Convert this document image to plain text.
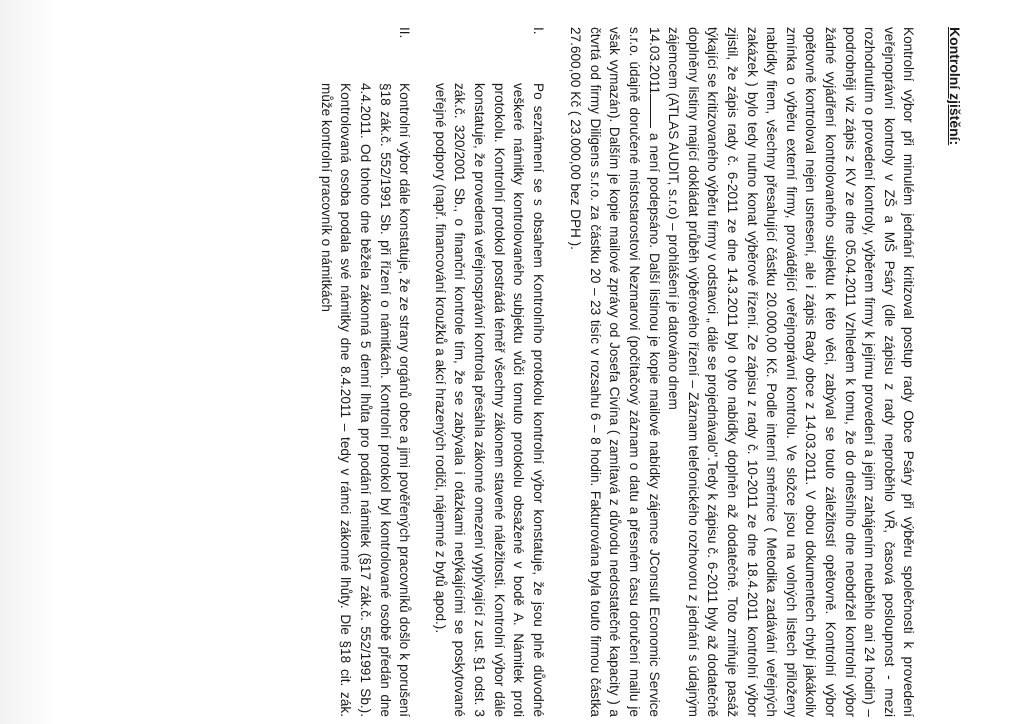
Kontrolní zjištění:
Kontrolní výbor při minulém jednání kritizoval postup rady Obce Psáry při výběru společnosti k provedení veřejnoprávní kontroly v ZŠ a MŠ Psáry (dle zápisu z rady neproběhlo VŘ, časová posloupnost - mezi rozhodnutím o provedení kontroly, výběrem firmy k jejímu provedení a jejím zahájením neuběhlo ani 24 hodin) – podrobněji viz zápis z KV ze dne 05.04.2011 Vzhledem k tomu, že do dnešního dne neobdržel kontrolní výbor žádné vyjádření kontrolovaného subjektu k této věci, zabýval se touto záležitostí opětovně. Kontrolní výbor opětovně kontroloval nejen usnesení, ale i zápis Rady obce z 14.03.2011. V obou dokumentech chybí jakákoliv zmínka o výběru externí firmy, provádějící veřejnoprávní kontrolu. Ve složce jsou na volných listech přiloženy nabídky firem, všechny přesahující částku 20.000,00 Kč. Podle interní směrnice ( Metodika zadávání veřejných zakázek ) bylo tedy nutno konat výběrové řízení. Ze zápisu z rady č. 10-2011 ze dne 18.4.2011 kontrolní výbor zjistil, že zápis rady č. 6-2011 ze dne 14.3.2011 byl o tyto nabídky doplněn až dodatečně. Toto zmiňuje pasáž týkající se kritizovaného výběru firmy v odstavci „ dále se projednávalo".Tedy k zápisu č. 6-2011 byly až dodatečně doplněny listiny mající dokládat průběh výběrového řízení – Záznam telefonického rozhovoru z jednání s údajným zájemcem (ATLAS AUDIT, s.r.o) – prohlášení je datováno dnem
14.03.2011 a není podepsáno. Další listinou je kopie mailové nabídky zájemce JConsult Economic Service s.r.o. údajně doručené místostarostovi Nezmarovi (počítačový záznam o datu a přesném času doručení mailu je však vymazán). Dalším je kopie mailové zprávy od Josefa Civína ( zamítavá z důvodu nedostatečné kapacity ) a čtvrtá od firmy Diligens s.r.o. za částku 20 – 23 tisíc v rozsahu 6 – 8 hodin. Fakturována byla touto firmou částka 27.600,00 Kč ( 23.000,00 bez DPH ).
I.
Po seznámení se s obsahem Kontrolního protokolu kontrolní výbor konstatuje, že jsou plně důvodné veškeré námitky kontrolovaného subjektu vůči tomuto protokolu obsažené v bodě A. Námitek proti protokolu. Kontrolní protokol postrádá téměř všechny zákonem stavené náležitosti. Kontrolní výbor dále konstatuje, že provedená veřejnosprávní kontrola přesáhla zákonné omezení vyplývající z ust. §1 odst. 3 zák.č. 320/2001 Sb., o finanční kontrole tím, že se zabývala i otázkami netýkajícími se poskytované veřejné podpory (např. financování kroužků a akcí hrazených rodiči, nájemné z bytů apod.).
II.
Kontrolní výbor dále konstatuje, že ze strany orgánů obce a jimi pověřených pracovníků došlo k porušení §18 zák.č. 552/1991 Sb. při řízení o námitkách. Kontrolní protokol byl kontrolované osobě předán dne 4.4.2011. Od tohoto dne běžela zákonná 5 denní lhůta pro podání námitek (§17 zák.č. 552/1991 Sb.). Kontrolovaná osoba podala své námitky dne 8.4.2011 – tedy v rámci zákonné lhůty. Dle §18 cit. zák. může kontrolní pracovník o námitkách
